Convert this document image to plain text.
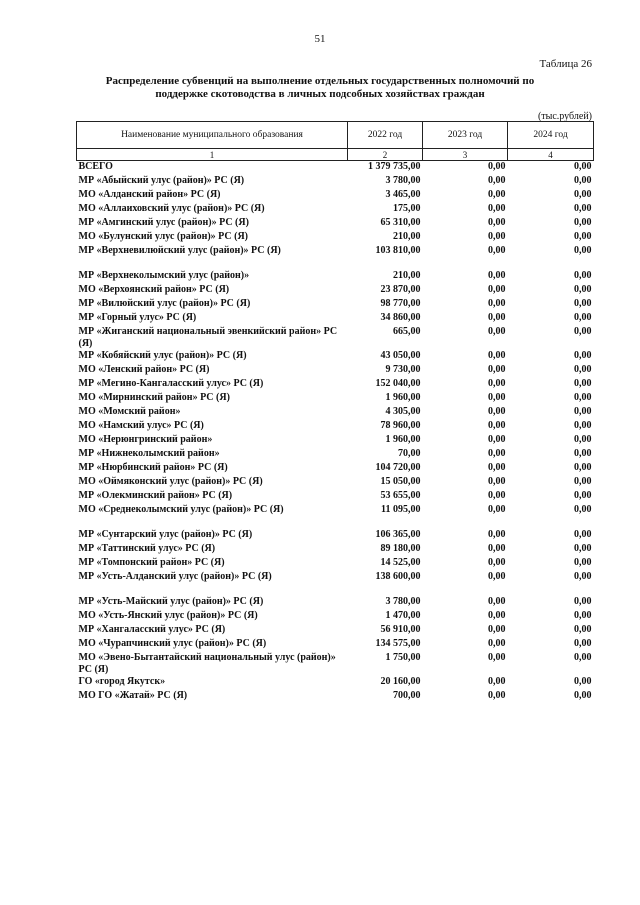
51
Таблица 26
Распределение субвенций на выполнение отдельных государственных полномочий по поддержке скотоводства в личных подсобных хозяйствах граждан
(тыс.рублей)
Наименование муниципального образования	2022 год	2023 год	2024 год
1	2	3	4
ВСЕГО	1 379 735,00	0,00	0,00
МР «Абыйский улус (район)» РС (Я)	3 780,00	0,00	0,00
МО «Алданский район» РС (Я)	3 465,00	0,00	0,00
МО «Аллаиховский улус (район)» РС (Я)	175,00	0,00	0,00
МР «Амгинский улус (район)» РС (Я)	65 310,00	0,00	0,00
МО «Булунский улус (район)» РС (Я)	210,00	0,00	0,00
МР «Верхневилюйский улус (район)» РС (Я)	103 810,00	0,00	0,00

МР «Верхнеколымский улус (район)»	210,00	0,00	0,00
МО «Верхоянский район» РС (Я)	23 870,00	0,00	0,00
МР «Вилюйский улус (район)» РС (Я)	98 770,00	0,00	0,00
МР «Горный улус» РС (Я)	34 860,00	0,00	0,00
МР «Жиганский национальный эвенкийский район» РС (Я)	665,00	0,00	0,00
МР «Кобяйский улус (район)» РС (Я)	43 050,00	0,00	0,00
МО «Ленский район» РС (Я)	9 730,00	0,00	0,00
МР «Мегино-Кангаласский улус» РС (Я)	152 040,00	0,00	0,00
МО «Мирнинский район» РС (Я)	1 960,00	0,00	0,00
МО «Момский район»	4 305,00	0,00	0,00
МО «Намский улус» РС (Я)	78 960,00	0,00	0,00
МО «Нерюнгринский район»	1 960,00	0,00	0,00
МР «Нижнеколымский район»	70,00	0,00	0,00
МР «Нюрбинский район» РС (Я)	104 720,00	0,00	0,00
МО «Оймяконский улус (район)» РС (Я)	15 050,00	0,00	0,00
МР «Олекминский район» РС (Я)	53 655,00	0,00	0,00
МО «Среднеколымский улус (район)» РС (Я)	11 095,00	0,00	0,00

МР «Сунтарский улус (район)» РС (Я)	106 365,00	0,00	0,00
МР «Таттинский улус» РС (Я)	89 180,00	0,00	0,00
МР «Томпонский район» РС (Я)	14 525,00	0,00	0,00
МР «Усть-Алданский улус (район)» РС (Я)	138 600,00	0,00	0,00

МР «Усть-Майский улус (район)» РС (Я)	3 780,00	0,00	0,00
МО «Усть-Янский улус (район)» РС (Я)	1 470,00	0,00	0,00
МР «Хангаласский улус» РС (Я)	56 910,00	0,00	0,00
МО «Чурапчинский улус (район)» РС (Я)	134 575,00	0,00	0,00
МО «Эвено-Бытантайский национальный улус (район)» РС (Я)	1 750,00	0,00	0,00
ГО «город Якутск»	20 160,00	0,00	0,00
МО ГО «Жатай» РС (Я)	700,00	0,00	0,00
